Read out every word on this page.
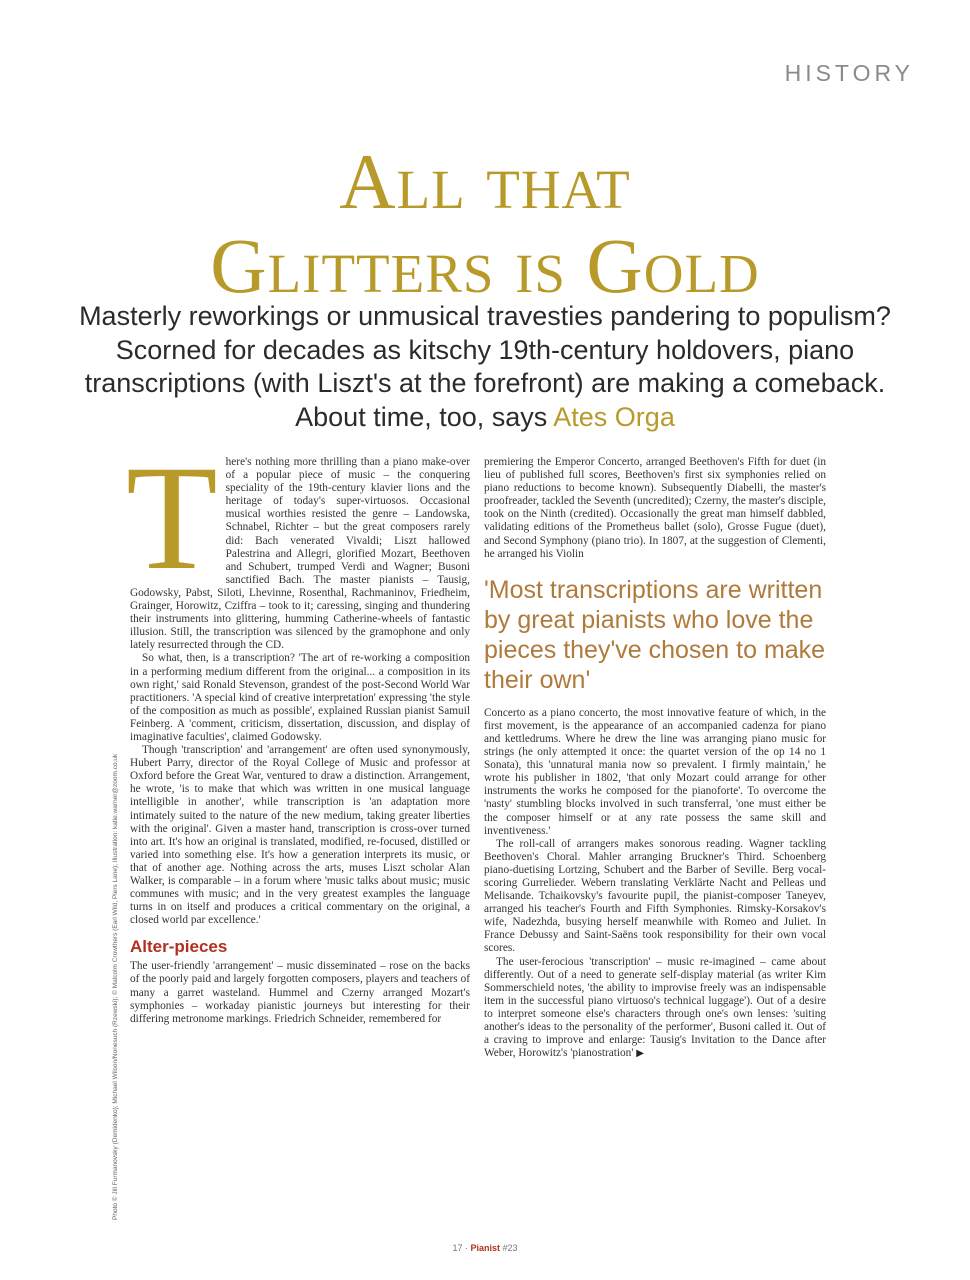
HISTORY
All that
Glitters is Gold

Masterly reworkings or unmusical travesties pandering to populism? Scorned for decades as kitschy 19th-century holdovers, piano transcriptions (with Liszt's at the forefront) are making a comeback. About time, too, says Ates Orga

Photo © Jill Furmanovsky (Demidenko); Michael Wilson/Nonesuch (Rzewski); © Malcolm Crowthers (Earl Wild, Piers Lane); Illustration: katie.warner@zoom.co.uk
T here's nothing more thrilling than a piano make-over of a popular piece of music – the conquering speciality of the 19th-century klavier lions and the heritage of today's super-virtuosos. Occasional musical worthies resisted the genre – Landowska, Schnabel, Richter – but the great composers rarely did: Bach venerated Vivaldi; Liszt hallowed Palestrina and Allegri, glorified Mozart, Beethoven and Schubert, trumped Verdi and Wagner; Busoni sanctified Bach. The master pianists – Tausig, Godowsky, Pabst, Siloti, Lhevinne, Rosenthal, Rachmaninov, Friedheim, Grainger, Horowitz, Cziffra – took to it; caressing, singing and thundering their instruments into glittering, humming Catherine-wheels of fantastic illusion. Still, the transcription was silenced by the gramophone and only lately resurrected through the CD.

So what, then, is a transcription? 'The art of re-working a composition in a performing medium different from the original... a composition in its own right,' said Ronald Stevenson, grandest of the post-Second World War practitioners. 'A special kind of creative interpretation' expressing 'the style of the composition as much as possible', explained Russian pianist Samuil Feinberg. A 'comment, criticism, dissertation, discussion, and display of imaginative faculties', claimed Godowsky.

Though 'transcription' and 'arrangement' are often used synonymously, Hubert Parry, director of the Royal College of Music and professor at Oxford before the Great War, ventured to draw a distinction. Arrangement, he wrote, 'is to make that which was written in one musical language intelligible in another', while transcription is 'an adaptation more intimately suited to the nature of the new medium, taking greater liberties with the original'. Given a master hand, transcription is cross-over turned into art. It's how an original is translated, modified, re-focused, distilled or varied into something else. It's how a generation interprets its music, or that of another age. Nothing across the arts, muses Liszt scholar Alan Walker, is comparable – in a forum where 'music talks about music; music communes with music; and in the very greatest examples the language turns in on itself and produces a critical commentary on the original, a closed world par excellence.'

Alter-pieces

The user-friendly 'arrangement' – music disseminated – rose on the backs of the poorly paid and largely forgotten composers, players and teachers of many a garret wasteland. Hummel and Czerny arranged Mozart's symphonies – workaday pianistic journeys but interesting for their differing metronome markings. Friedrich Schneider, remembered for

premiering the Emperor Concerto, arranged Beethoven's Fifth for duet (in lieu of published full scores, Beethoven's first six symphonies relied on piano reductions to become known). Subsequently Diabelli, the master's proofreader, tackled the Seventh (uncredited); Czerny, the master's disciple, took on the Ninth (credited). Occasionally the great man himself dabbled, validating editions of the Prometheus ballet (solo), Grosse Fugue (duet), and Second Symphony (piano trio). In 1807, at the suggestion of Clementi, he arranged his Violin

'Most transcriptions are written by great pianists who love the pieces they've chosen to make their own'

Concerto as a piano concerto, the most innovative feature of which, in the first movement, is the appearance of an accompanied cadenza for piano and kettledrums. Where he drew the line was arranging piano music for strings (he only attempted it once: the quartet version of the op 14 no 1 Sonata), this 'unnatural mania now so prevalent. I firmly maintain,' he wrote his publisher in 1802, 'that only Mozart could arrange for other instruments the works he composed for the pianoforte'. To overcome the 'nasty' stumbling blocks involved in such transferral, 'one must either be the composer himself or at any rate possess the same skill and inventiveness.'

The roll-call of arrangers makes sonorous reading. Wagner tackling Beethoven's Choral. Mahler arranging Bruckner's Third. Schoenberg piano-duetising Lortzing, Schubert and the Barber of Seville. Berg vocal-scoring Gurrelieder. Webern translating Verklärte Nacht and Pelleas und Melisande. Tchaikovsky's favourite pupil, the pianist-composer Taneyev, arranged his teacher's Fourth and Fifth Symphonies. Rimsky-Korsakov's wife, Nadezhda, busying herself meanwhile with Romeo and Juliet. In France Debussy and Saint-Saëns took responsibility for their own vocal scores.

The user-ferocious 'transcription' – music re-imagined – came about differently. Out of a need to generate self-display material (as writer Kim Sommerschield notes, 'the ability to improvise freely was an indispensable item in the successful piano virtuoso's technical luggage'). Out of a desire to interpret someone else's characters through one's own lenses: 'suiting another's ideas to the personality of the performer', Busoni called it. Out of a craving to improve and enlarge: Tausig's Invitation to the Dance after Weber, Horowitz's 'pianostration' ▶

17 · Pianist #23
